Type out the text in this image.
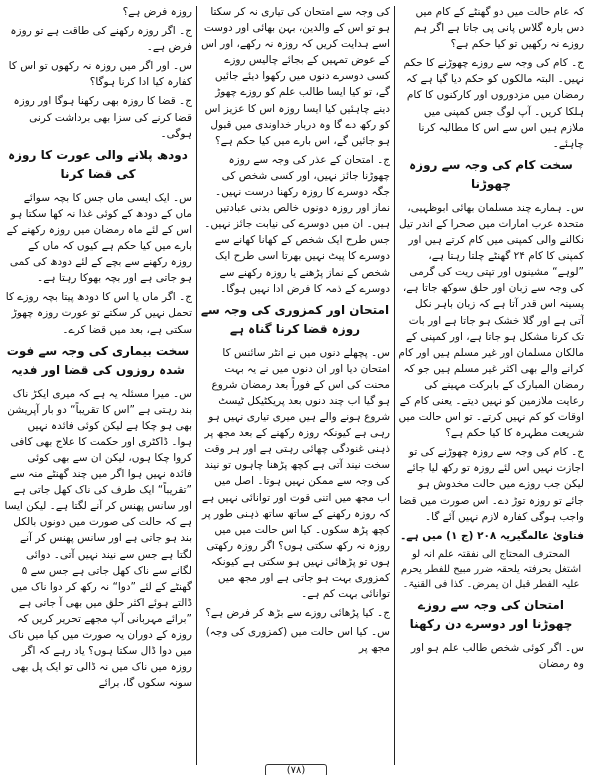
کہ عام حالت میں دو گھنٹے کے کام میں دس بارہ گلاس پانی پی جاتا ہے اگر ہم روزے نہ رکھیں تو کیا حکم ہے؟

ج۔ کام کی وجہ سے روزے چھوڑنے کا حکم نہیں۔ البتہ مالکوں کو حکم دیا گیا ہے کہ رمضان میں مزدوروں اور کارکنوں کا کام ہلکا کریں۔ آپ لوگ جس کمپنی میں ملازم ہیں اس سے اس کا مطالبہ کرنا چاہئے۔

سخت کام کی وجہ سے روزہ چھوڑنا

س۔ ہمارے چند مسلمان بھائی ابوظہبی، متحدہ عرب امارات میں صحرا کے اندر تیل نکالنے والی کمپنی میں کام کرتے ہیں اور کمپنی کا کام ۲۴ گھنٹے چلتا رہتا ہے، ”لوہے“ مشینوں اور تپتی ریت کی گرمی کی وجہ سے زبان اور حلق سوکھ جاتا ہے، پسینہ اس قدر آتا ہے کہ زبان باہر نکل آتی ہے اور گلا خشک ہو جاتا ہے اور بات تک کرنا مشکل ہو جاتا ہے، اور کمپنی کے مالکان مسلمان اور غیر مسلم ہیں اور کام کرانے والے بھی اکثر غیر مسلم ہیں جو کہ رمضان المبارک کے بابرکت مہینے کی رعایت ملازمین کو نہیں دیتے۔ یعنی کام کے اوقات کو کم نہیں کرتے۔ تو اس حالت میں شریعت مطہرہ کا کیا حکم ہے؟

ج۔ کام کی وجہ سے روزہ چھوڑنے کی تو اجازت نہیں اس لئے روزہ تو رکھ لیا جائے لیکن جب روزے میں حالت مخدوش ہو جائے تو روزہ توڑ دے۔ اس صورت میں قضا واجب ہوگی کفارہ لازم نہیں آئے گا۔

فتاویٰ عالمگیریہ ۲۰۸ (ج ۱) میں ہے۔

المحترف المحتاج الی نفقتہ علم انہ لو اشتغل بحرفتہ یلحقہ ضرر مبیح للفطر یحرم علیہ الفطر قبل ان یمرض۔ کذا فی القنیۃ۔
امتحان کی وجہ سے روزے چھوڑنا اور دوسرے دن رکھنا

س۔ اگر کوئی شخص طالب علم ہو اور وہ رمضان

کی وجہ سے امتحان کی تیاری نہ کر سکتا ہو تو اس کے والدین، بہن بھائی اور دوست اسے ہدایت کریں کہ روزہ نہ رکھے، اور اس کے عوض تمہیں کے بجائے چالیس روزے کسی دوسرے دنوں میں رکھوا دیئے جائیں گے، تو کیا ایسا طالب علم کو روزے چھوڑ دینے چاہئیں کیا ایسا روزہ اس کا عزیز اس کو رکھ دے گا وہ دربار خداوندی میں قبول ہو جائیں گے، اس بارے میں کیا حکم ہے؟

ج۔ امتحان کے عذر کی وجہ سے روزہ چھوڑنا جائز نہیں، اور کسی شخص کی جگہ دوسرے کا روزہ رکھنا درست نہیں۔ نماز اور روزہ دونوں خالص بدنی عبادتیں ہیں۔ ان میں دوسرے کی نیابت جائز نہیں۔ جس طرح ایک شخص کے کھانا کھانے سے دوسرے کا پیٹ نہیں بھرتا اسی طرح ایک شخص کے نماز پڑھنے یا روزہ رکھنے سے دوسرے کے ذمہ کا فرض ادا نہیں ہوگا۔

امتحان اور کمزوری کی وجہ سے روزہ قضا کرنا گناہ ہے

س۔ پچھلے دنوں میں نے انٹر سائنس کا امتحان دیا اور ان دنوں میں نے یہ بہت محنت کی اس کے فوراً بعد رمضان شروع ہو گیا اب چند دنوں بعد پریکٹیکل ٹیسٹ شروع ہونے والے ہیں میری تیاری نہیں ہو رہی ہے کیونکہ روزہ رکھنے کے بعد مجھ پر ذہنی غنودگی چھائی رہتی ہے اور ہر وقت سخت نیند آتی ہے کچھ پڑھنا چاہوں تو نیند کی وجہ سے ممکن نہیں ہوتا۔ اصل میں اب مجھ میں اتنی قوت اور توانائی نہیں ہے کہ روزہ رکھنے کے ساتھ ساتھ ذہنی طور پر کچھ پڑھ سکوں۔ کیا اس حالت میں میں روزہ نہ رکھ سکتی ہوں؟ اگر روزہ رکھتی ہوں تو پڑھائی نہیں ہو سکتی ہے کیونکہ کمزوری بہت ہو جاتی ہے اور مجھ میں توانائی بہت کم ہے۔

ج۔ کیا پڑھائی روزے سے بڑھ کر فرض ہے؟

س۔ کیا اس حالت میں (کمزوری کی وجہ) مجھ پر

روزہ فرض ہے؟

ج۔ اگر روزہ رکھنے کی طاقت ہے تو روزہ فرض ہے۔

س۔ اور اگر میں روزہ نہ رکھوں تو اس کا کفارہ کیا ادا کرنا ہوگا؟

ج۔ قضا کا روزہ بھی رکھنا ہوگا اور روزہ قضا کرنے کی سزا بھی برداشت کرنی ہوگی۔

دودھ پلانے والی عورت کا روزہ کی قضا کرنا

س۔ ایک ایسی ماں جس کا بچہ سوائے ماں کے دودھ کے کوئی غذا نہ کھا سکتا ہو اس کے لئے ماہ رمضان میں روزہ رکھنے کے بارے میں کیا حکم ہے کیوں کہ ماں کے روزہ رکھنے سے بچے کے لئے دودھ کی کمی ہو جاتی ہے اور بچہ بھوکا رہتا ہے۔

ج۔ اگر ماں یا اس کا دودھ پیتا بچہ روزے کا تحمل نہیں کر سکتے تو عورت روزہ چھوڑ سکتی ہے، بعد میں قضا کرے۔

سخت بیماری کی وجہ سے فوت شدہ روزوں کی قضا اور فدیہ

س۔ میرا مسئلہ یہ ہے کہ میری ایکڑ ناک بند رہتی ہے ”اس کا تقریباً“ دو بار آپریشن بھی ہو چکا ہے لیکن کوئی فائدہ نہیں ہوا۔ ڈاکٹری اور حکمت کا علاج بھی کافی کروا چکا ہوں، لیکن ان سے بھی کوئی فائدہ نہیں ہوا اگر میں چند گھنٹے منہ سے ”تقریباً“ ایک طرف کی ناک کھل جاتی ہے اور سانس پھنس کر آنے لگتا ہے۔ لیکن ایسا ہے کہ حالت کی صورت میں دونوں بالکل بند ہو جاتی ہے اور سانس پھنس کر آنے لگتا ہے جس سے نیند نہیں آتی۔ دوائی لگانے سے ناک کھل جاتی ہے جس سے ۵ گھنٹے کے لئے ”دوا“ نہ رکھ کر دوا ناک میں ڈالتے ہوئے اکثر حلق میں بھی آ جاتی ہے ”برائے مہربانی آپ مجھے تحریر کریں کہ روزہ کے دوران یہ صورت میں کیا میں ناک میں دوا ڈال سکتا ہوں؟ یاد رہے کہ اگر روزہ میں ناک میں نہ ڈالی تو ایک پل بھی سونہ سکوں گا، برائے

(۷۸)
